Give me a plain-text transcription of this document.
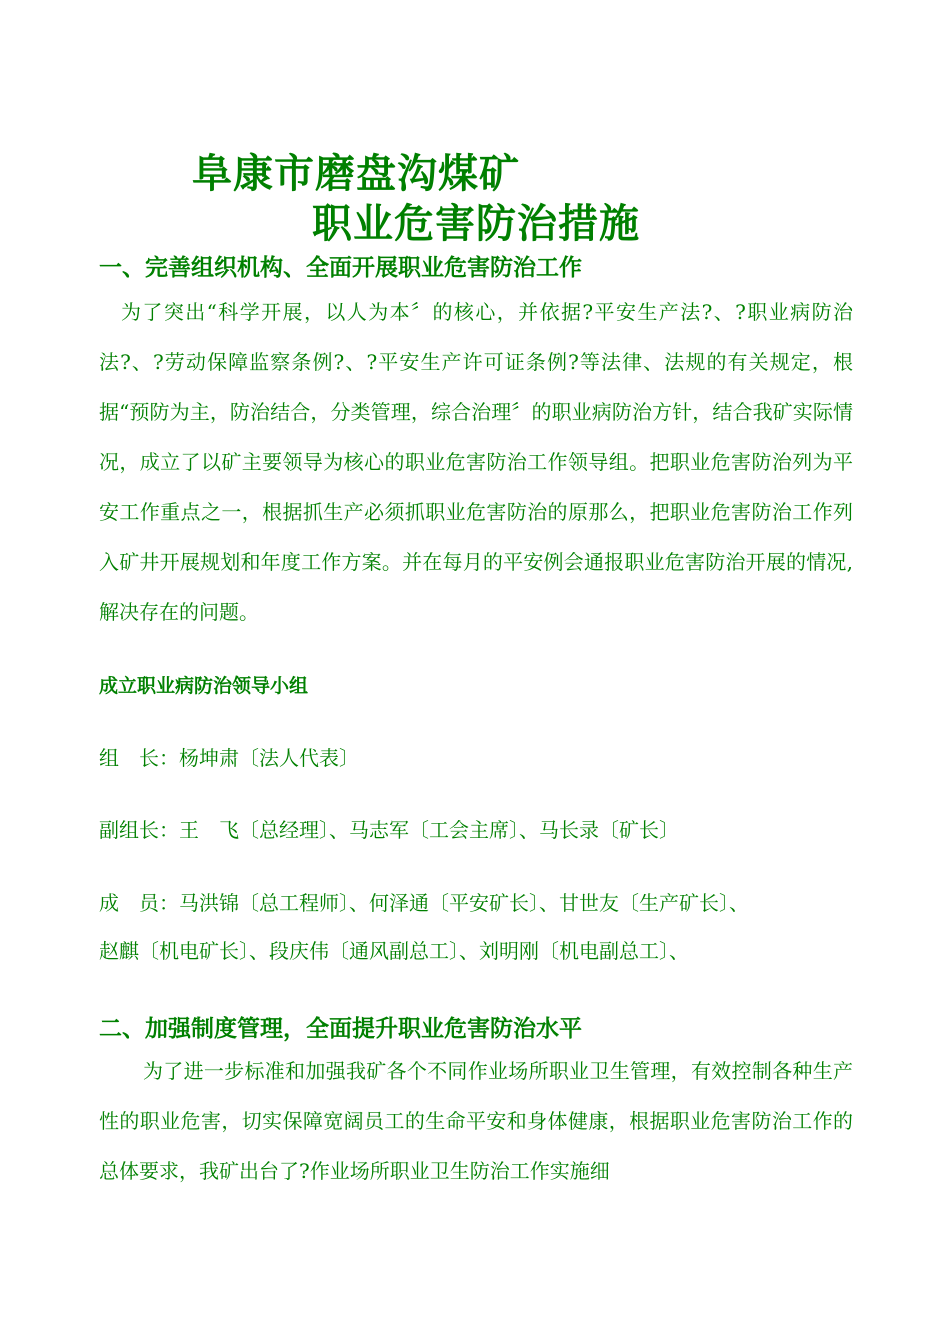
阜康市磨盘沟煤矿
职业危害防治措施
一、完善组织机构、全面开展职业危害防治工作
为了突出“科学开展，以人为本〞的核心，并依据?平安生产法?、?职业病防治法?、?劳动保障监察条例?、?平安生产许可证条例?等法律、法规的有关规定，根据“预防为主，防治结合，分类管理，综合治理〞的职业病防治方针，结合我矿实际情况，成立了以矿主要领导为核心的职业危害防治工作领导组。把职业危害防治列为平安工作重点之一，根据抓生产必须抓职业危害防治的原那么，把职业危害防治工作列入矿井开展规划和年度工作方案。并在每月的平安例会通报职业危害防治开展的情况,解决存在的问题。
成立职业病防治领导小组
组　长：杨坤肃〔法人代表〕
副组长：王　飞〔总经理〕、马志军〔工会主席〕、马长录〔矿长〕
成　员：马洪锦〔总工程师〕、何泽通〔平安矿长〕、甘世友〔生产矿长〕、
赵麒〔机电矿长〕、段庆伟〔通风副总工〕、刘明刚〔机电副总工〕、
二、加强制度管理，全面提升职业危害防治水平
为了进一步标准和加强我矿各个不同作业场所职业卫生管理，有效控制各种生产性的职业危害，切实保障宽阔员工的生命平安和身体健康，根据职业危害防治工作的总体要求，我矿出台了?作业场所职业卫生防治工作实施细
